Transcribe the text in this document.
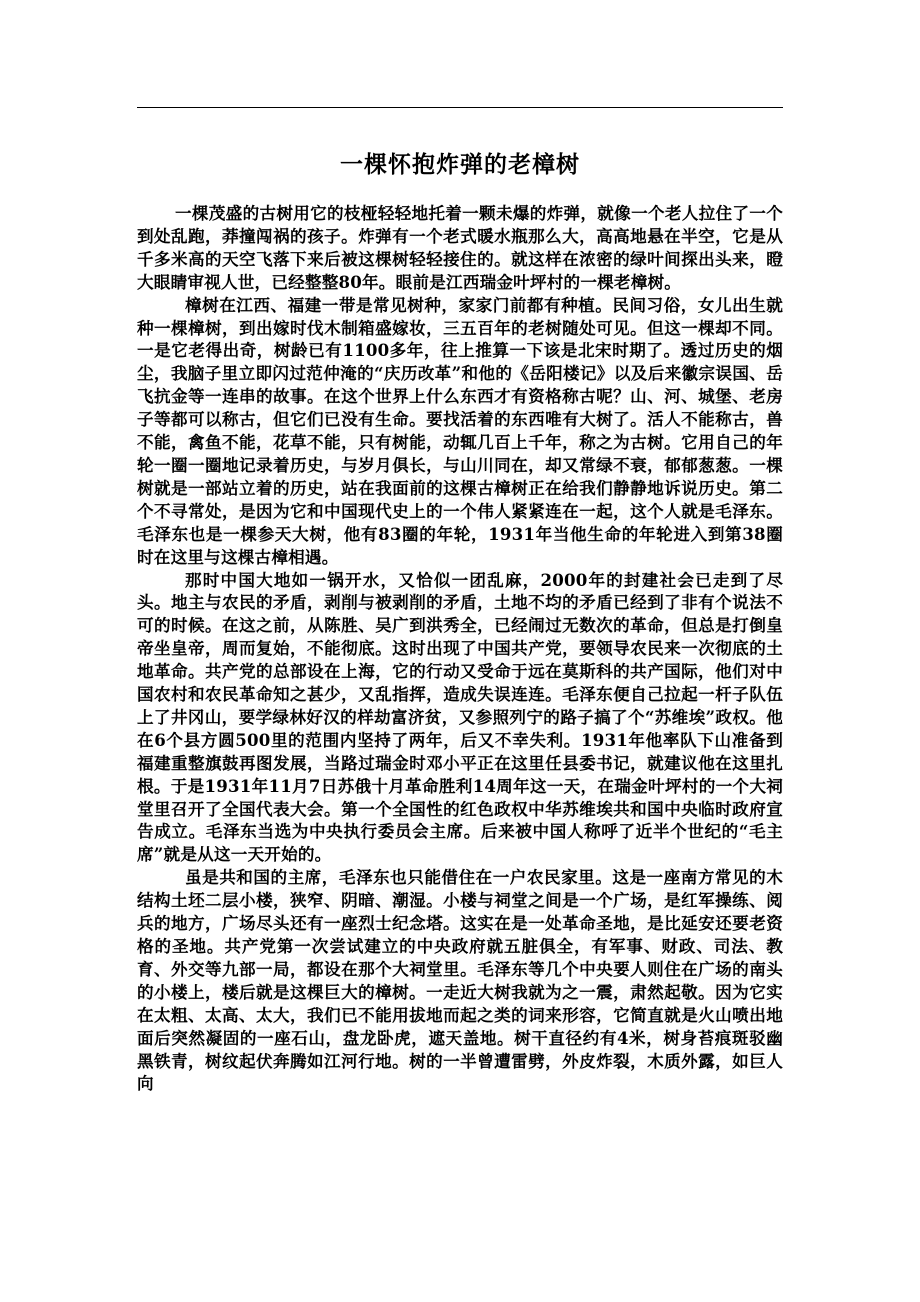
一棵怀抱炸弹的老樟树

一棵茂盛的古树用它的枝桠轻轻地托着一颗未爆的炸弹，就像一个老人拉住了一个到处乱跑，莽撞闯祸的孩子。炸弹有一个老式暖水瓶那么大，高高地悬在半空，它是从千多米高的天空飞落下来后被这棵树轻轻接住的。就这样在浓密的绿叶间探出头来，瞪大眼睛审视人世，已经整整80年。眼前是江西瑞金叶坪村的一棵老樟树。

樟树在江西、福建一带是常见树种，家家门前都有种植。民间习俗，女儿出生就种一棵樟树，到出嫁时伐木制箱盛嫁妆，三五百年的老树随处可见。但这一棵却不同。一是它老得出奇，树龄已有1100多年，往上推算一下该是北宋时期了。透过历史的烟尘，我脑子里立即闪过范仲淹的“庆历改革”和他的《岳阳楼记》以及后来徽宗误国、岳飞抗金等一连串的故事。在这个世界上什么东西才有资格称古呢？山、河、城堡、老房子等都可以称古，但它们已没有生命。要找活着的东西唯有大树了。活人不能称古，兽不能，禽鱼不能，花草不能，只有树能，动辄几百上千年，称之为古树。它用自己的年轮一圈一圈地记录着历史，与岁月俱长，与山川同在，却又常绿不衰，郁郁葱葱。一棵树就是一部站立着的历史，站在我面前的这棵古樟树正在给我们静静地诉说历史。第二个不寻常处，是因为它和中国现代史上的一个伟人紧紧连在一起，这个人就是毛泽东。毛泽东也是一棵参天大树，他有83圈的年轮，1931年当他生命的年轮进入到第38圈时在这里与这棵古樟相遇。

那时中国大地如一锅开水，又恰似一团乱麻，2000年的封建社会已走到了尽头。地主与农民的矛盾，剥削与被剥削的矛盾，土地不均的矛盾已经到了非有个说法不可的时候。在这之前，从陈胜、吴广到洪秀全，已经闹过无数次的革命，但总是打倒皇帝坐皇帝，周而复始，不能彻底。这时出现了中国共产党，要领导农民来一次彻底的土地革命。共产党的总部设在上海，它的行动又受命于远在莫斯科的共产国际，他们对中国农村和农民革命知之甚少，又乱指挥，造成失误连连。毛泽东便自己拉起一杆子队伍上了井冈山，要学绿林好汉的样劫富济贫，又参照列宁的路子搞了个“苏维埃”政权。他在6个县方圆500里的范围内坚持了两年，后又不幸失利。1931年他率队下山准备到福建重整旗鼓再图发展，当路过瑞金时邓小平正在这里任县委书记，就建议他在这里扎根。于是1931年11月7日苏俄十月革命胜利14周年这一天，在瑞金叶坪村的一个大祠堂里召开了全国代表大会。第一个全国性的红色政权中华苏维埃共和国中央临时政府宣告成立。毛泽东当选为中央执行委员会主席。后来被中国人称呼了近半个世纪的“毛主席”就是从这一天开始的。

虽是共和国的主席，毛泽东也只能借住在一户农民家里。这是一座南方常见的木结构土坯二层小楼，狭窄、阴暗、潮湿。小楼与祠堂之间是一个广场，是红军操练、阅兵的地方，广场尽头还有一座烈士纪念塔。这实在是一处革命圣地，是比延安还要老资格的圣地。共产党第一次尝试建立的中央政府就五脏俱全，有军事、财政、司法、教育、外交等九部一局，都设在那个大祠堂里。毛泽东等几个中央要人则住在广场的南头的小楼上，楼后就是这棵巨大的樟树。一走近大树我就为之一震，肃然起敬。因为它实在太粗、太高、太大，我们已不能用拔地而起之类的词来形容，它简直就是火山喷出地面后突然凝固的一座石山，盘龙卧虎，遮天盖地。树干直径约有4米，树身苔痕斑驳幽黑铁青，树纹起伏奔腾如江河行地。树的一半曾遭雷劈，外皮炸裂，木质外露，如巨人向
